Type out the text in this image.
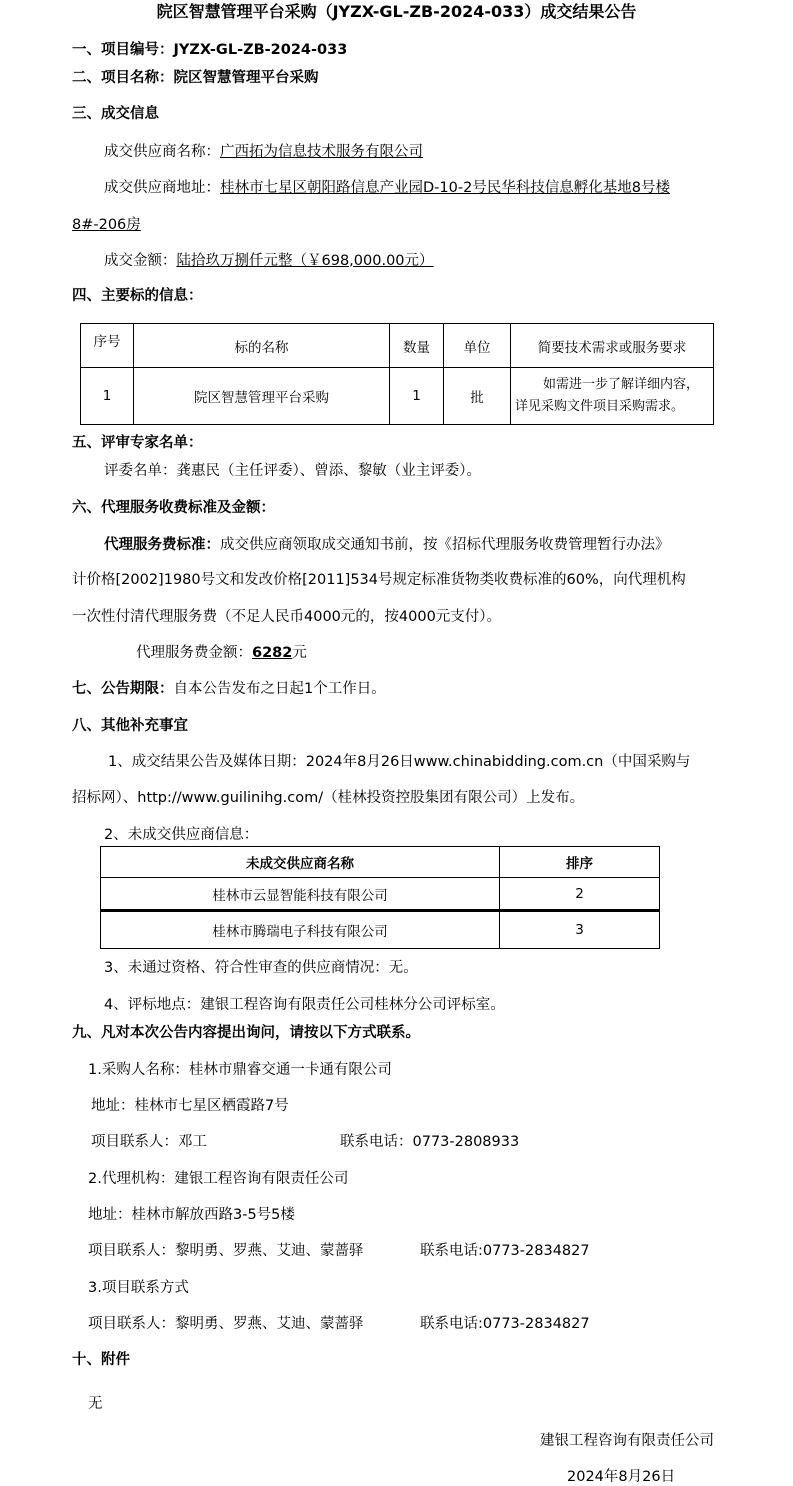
院区智慧管理平台采购（JYZX-GL-ZB-2024-033）成交结果公告
一、项目编号：JYZX-GL-ZB-2024-033
二、项目名称：院区智慧管理平台采购
三、成交信息
成交供应商名称：广西拓为信息技术服务有限公司
成交供应商地址：桂林市七星区朝阳路信息产业园D-10-2号民华科技信息孵化基地8号楼
8#-206房
成交金额：陆拾玖万捌仟元整（￥698,000.00元）
四、主要标的信息：
序号	标的名称	数量	单位	简要技术需求或服务要求
1	院区智慧管理平台采购	1	批	如需进一步了解详细内容，详见采购文件项目采购需求。
五、评审专家名单：
评委名单：龚惠民（主任评委）、曾添、黎敏（业主评委）。
六、代理服务收费标准及金额：
代理服务费标准：成交供应商领取成交通知书前，按《招标代理服务收费管理暂行办法》
计价格[2002]1980号文和发改价格[2011]534号规定标准货物类收费标准的60%，向代理机构
一次性付清代理服务费（不足人民币4000元的，按4000元支付）。
代理服务费金额：6282元
七、公告期限：自本公告发布之日起1个工作日。
八、其他补充事宜
1、成交结果公告及媒体日期：2024年8月26日www.chinabidding.com.cn（中国采购与
招标网）、http://www.guilinihg.com/（桂林投资控股集团有限公司）上发布。
2、未成交供应商信息：
未成交供应商名称	排序
桂林市云显智能科技有限公司	2
桂林市腾瑞电子科技有限公司	3
3、未通过资格、符合性审查的供应商情况：无。
4、评标地点：建银工程咨询有限责任公司桂林分公司评标室。
九、凡对本次公告内容提出询问，请按以下方式联系。
1.采购人名称：桂林市鼎睿交通一卡通有限公司
地址：桂林市七星区栖霞路7号
项目联系人：邓工	联系电话：0773-2808933
2.代理机构：建银工程咨询有限责任公司
地址：桂林市解放西路3-5号5楼
项目联系人：黎明勇、罗燕、艾迪、蒙蔷驿	联系电话:0773-2834827
3.项目联系方式
项目联系人：黎明勇、罗燕、艾迪、蒙蔷驿	联系电话:0773-2834827
十、附件
无
建银工程咨询有限责任公司
2024年8月26日
